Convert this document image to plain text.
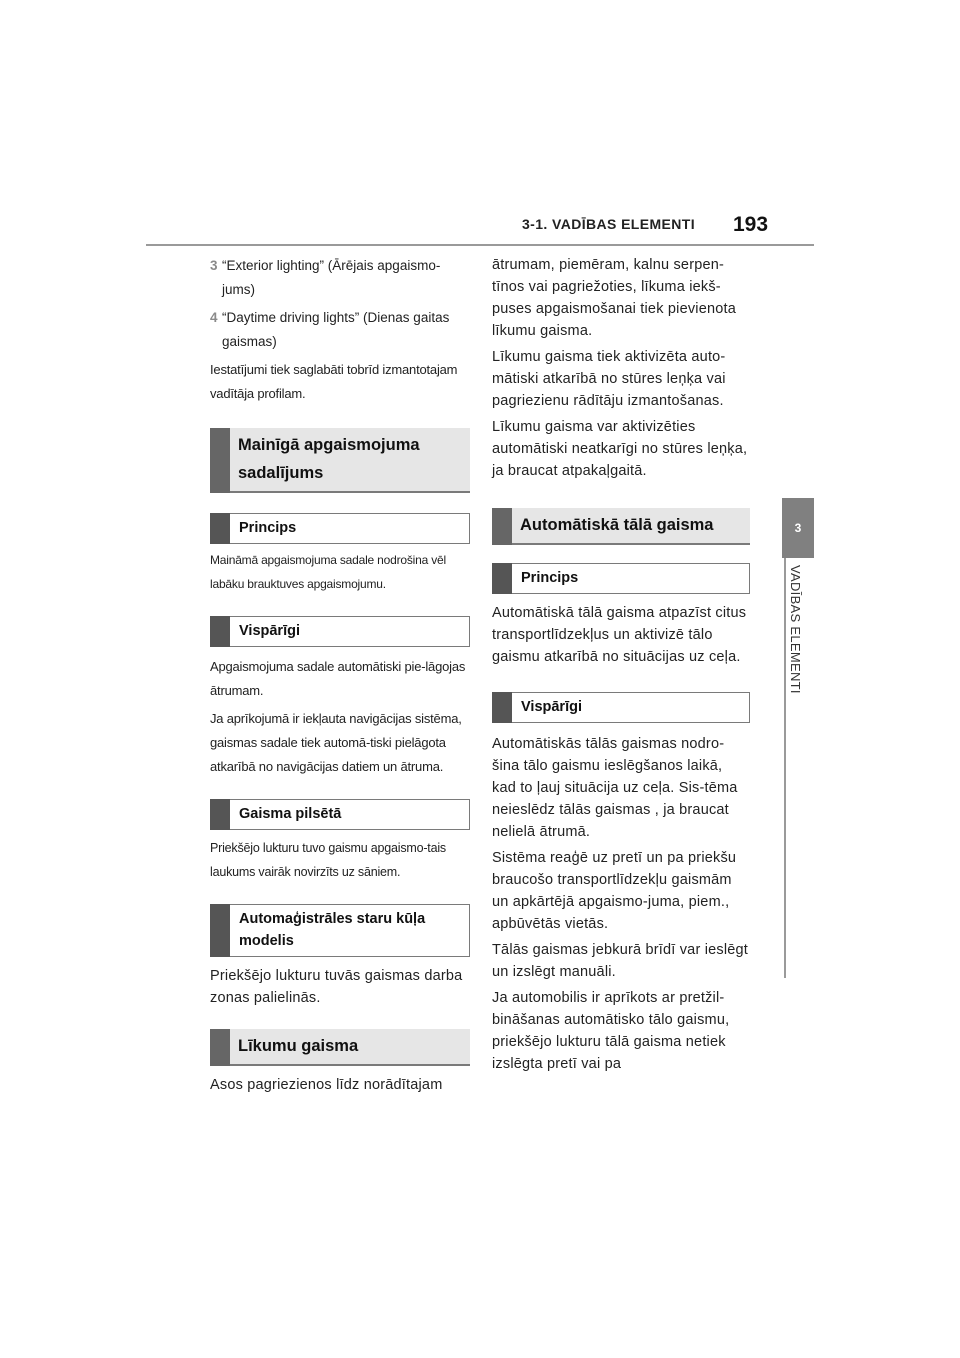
3-1. VADĪBAS ELEMENTI 193
3
VADĪBAS ELEMENTI
3 “Exterior lighting” (Ārējais apgaismo-jums)
4 “Daytime driving lights” (Dienas gaitas gaismas)

Iestatījumi tiek saglabāti tobrīd izmantotajam vadītāja profilam.

Mainīgā apgaismojuma sadalījums
Princips

Maināmā apgaismojuma sadale nodrošina vēl labāku brauktuves apgaismojumu.

Vispārīgi

Apgaismojuma sadale automātiski pie-lāgojas ātrumam.

Ja aprīkojumā ir iekļauta navigācijas sistēma, gaismas sadale tiek automā-tiski pielāgota atkarībā no navigācijas datiem un ātruma.

Gaisma pilsētā

Priekšējo lukturu tuvo gaismu apgaismo-tais laukums vairāk novirzīts uz sāniem.

Automaģistrāles staru kūļa modelis

Priekšējo lukturu tuvās gaismas darba zonas palielinās.

Līkumu gaisma

Asos pagriezienos līdz norādītajam

ātrumam, piemēram, kalnu serpen-tīnos vai pagriežoties, līkuma iekš-puses apgaismošanai tiek pievienota līkumu gaisma.

Līkumu gaisma tiek aktivizēta auto-mātiski atkarībā no stūres leņķa vai pagriezienu rādītāju izmantošanas.

Līkumu gaisma var aktivizēties automātiski neatkarīgi no stūres leņķa, ja braucat atpakaļgaitā.

Automātiskā tālā gaisma
Princips

Automātiskā tālā gaisma atpazīst citus transportlīdzekļus un aktivizē tālo gaismu atkarībā no situācijas uz ceļa.

Vispārīgi

Automātiskās tālās gaismas nodro-šina tālo gaismu ieslēgšanos laikā, kad to ļauj situācija uz ceļa. Sis-tēma neieslēdz tālās gaismas , ja braucat nelielā ātrumā.

Sistēma reaģē uz pretī un pa priekšu braucošo transportlīdzekļu gaismām un apkārtējā apgaismo-juma, piem., apbūvētās vietās.

Tālās gaismas jebkurā brīdī var ieslēgt un izslēgt manuāli.

Ja automobilis ir aprīkots ar pretžil-bināšanas automātisko tālo gaismu, priekšējo lukturu tālā gaisma netiek izslēgta pretī vai pa
